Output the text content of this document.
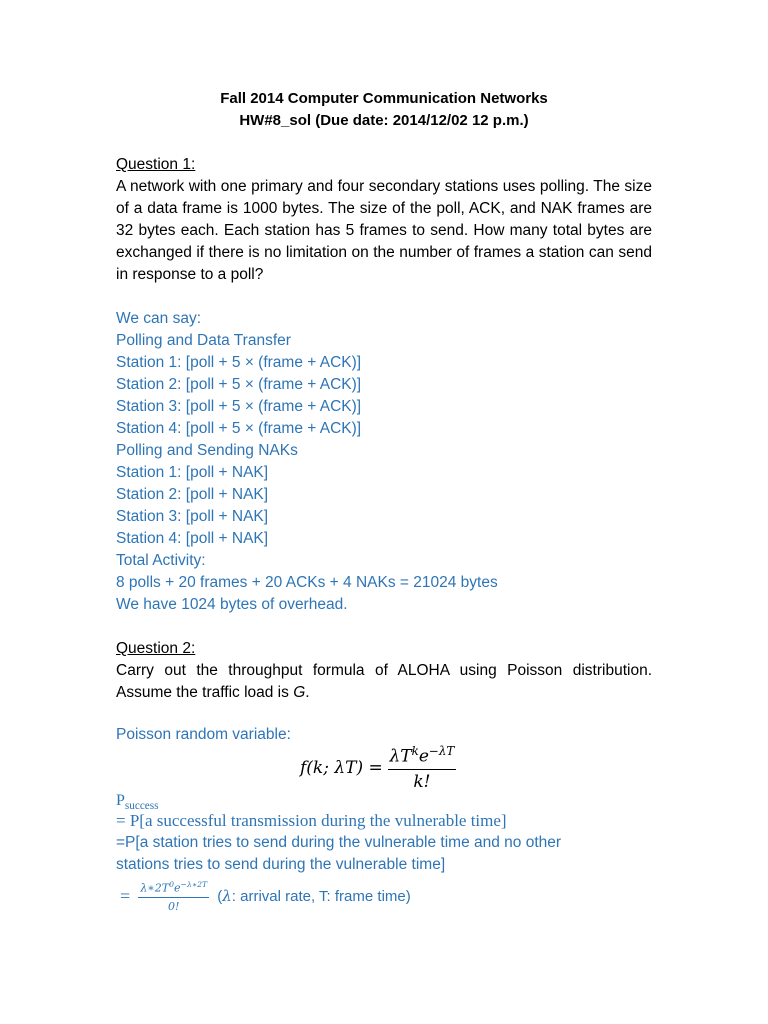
Fall 2014 Computer Communication Networks
HW#8_sol (Due date: 2014/12/02 12 p.m.)
Question 1:

A network with one primary and four secondary stations uses polling. The size of a data frame is 1000 bytes. The size of the poll, ACK, and NAK frames are 32 bytes each. Each station has 5 frames to send. How many total bytes are exchanged if there is no limitation on the number of frames a station can send in response to a poll?

We can say:
Polling and Data Transfer
Station 1: [poll + 5 × (frame + ACK)]
Station 2: [poll + 5 × (frame + ACK)]
Station 3: [poll + 5 × (frame + ACK)]
Station 4: [poll + 5 × (frame + ACK)]
Polling and Sending NAKs
Station 1: [poll + NAK]
Station 2: [poll + NAK]
Station 3: [poll + NAK]
Station 4: [poll + NAK]
Total Activity:
8 polls + 20 frames + 20 ACKs + 4 NAKs = 21024 bytes
We have 1024 bytes of overhead.
Question 2:

Carry out the throughput formula of ALOHA using Poisson distribution. Assume the traffic load is G.

Poisson random variable:
f(k; $\lambda T) = \frac{\lambda T^ke^{-\lambda T}}{k!}$
$P_{success}$
= P[a successful transmission during the vulnerable time]
=P[a station tries to send during the vulnerable time and no other
stations tries to send during the vulnerable time]
= $\frac{\lambda∗2T^0e^{-\lambda∗2T}}{0!} (\lambda$: arrival rate, T: frame time)
